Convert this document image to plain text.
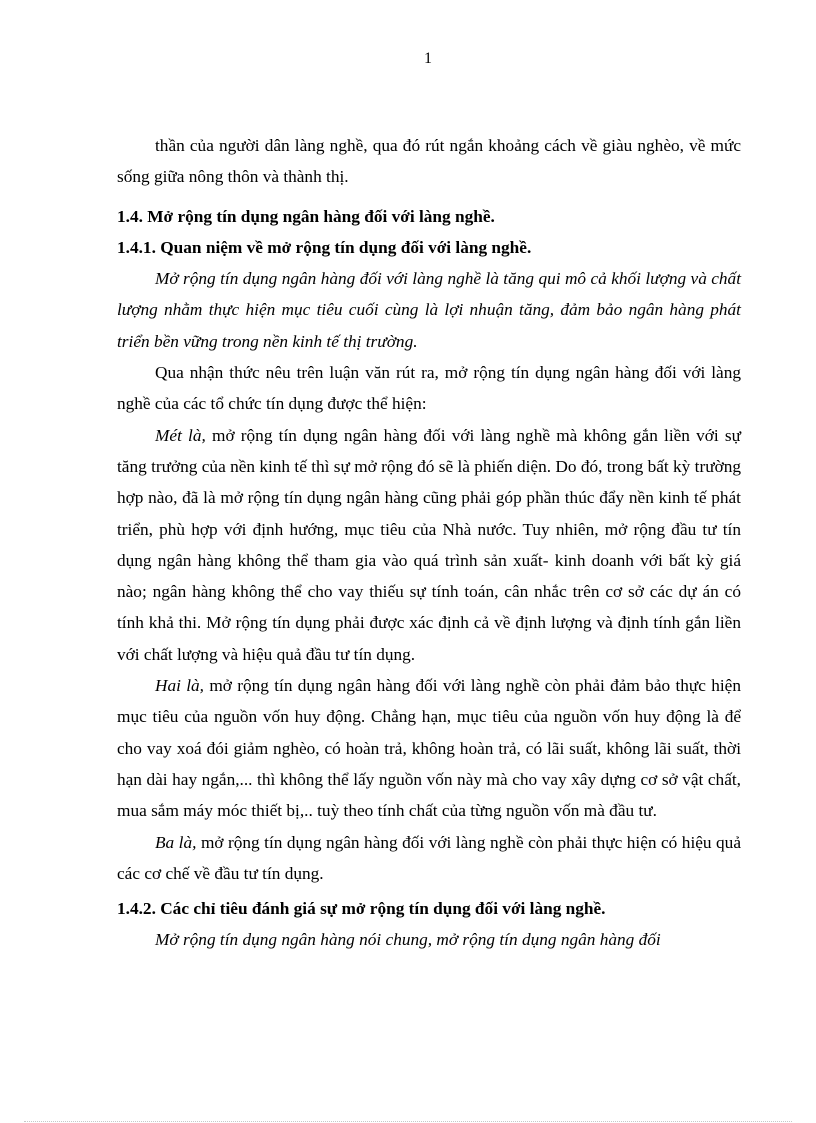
1

thần của người dân làng nghề, qua đó rút ngắn khoảng cách về giàu nghèo, về mức sống giữa nông thôn và thành thị.

1.4. Mở rộng tín dụng ngân hàng đối với làng nghề.
1.4.1. Quan niệm về mở rộng tín dụng đối với làng nghề.

Mở rộng tín dụng ngân hàng đối với làng nghề là tăng qui mô cả khối lượng và chất lượng nhằm thực hiện mục tiêu cuối cùng là lợi nhuận tăng, đảm bảo ngân hàng phát triển bền vững trong nền kinh tế thị trường.

Qua nhận thức nêu trên luận văn rút ra, mở rộng tín dụng ngân hàng đối với làng nghề của các tổ chức tín dụng được thể hiện:

Mét là, mở rộng tín dụng ngân hàng đối với làng nghề mà không gắn liền với sự tăng trưởng của nền kinh tế thì sự mở rộng đó sẽ là phiến diện. Do đó, trong bất kỳ trường hợp nào, đã là mở rộng tín dụng ngân hàng cũng phải góp phần thúc đẩy nền kinh tế phát triển, phù hợp với định hướng, mục tiêu của Nhà nước. Tuy nhiên, mở rộng đầu tư tín dụng ngân hàng không thể tham gia vào quá trình sản xuất- kinh doanh với bất kỳ giá nào; ngân hàng không thể cho vay thiếu sự tính toán, cân nhắc trên cơ sở các dự án có tính khả thi. Mở rộng tín dụng phải được xác định cả về định lượng và định tính gắn liền với chất lượng và hiệu quả đầu tư tín dụng.

Hai là, mở rộng tín dụng ngân hàng đối với làng nghề còn phải đảm bảo thực hiện mục tiêu của nguồn vốn huy động. Chẳng hạn, mục tiêu của nguồn vốn huy động là để cho vay xoá đói giảm nghèo, có hoàn trả, không hoàn trả, có lãi suất, không lãi suất, thời hạn dài hay ngắn,... thì không thể lấy nguồn vốn này mà cho vay xây dựng cơ sở vật chất, mua sắm máy móc thiết bị,.. tuỳ theo tính chất của từng nguồn vốn mà đầu tư.

Ba là, mở rộng tín dụng ngân hàng đối với làng nghề còn phải thực hiện có hiệu quả các cơ chế về đầu tư tín dụng.

1.4.2. Các chỉ tiêu đánh giá sự mở rộng tín dụng đối với làng nghề.

Mở rộng tín dụng ngân hàng nói chung, mở rộng tín dụng ngân hàng đối
